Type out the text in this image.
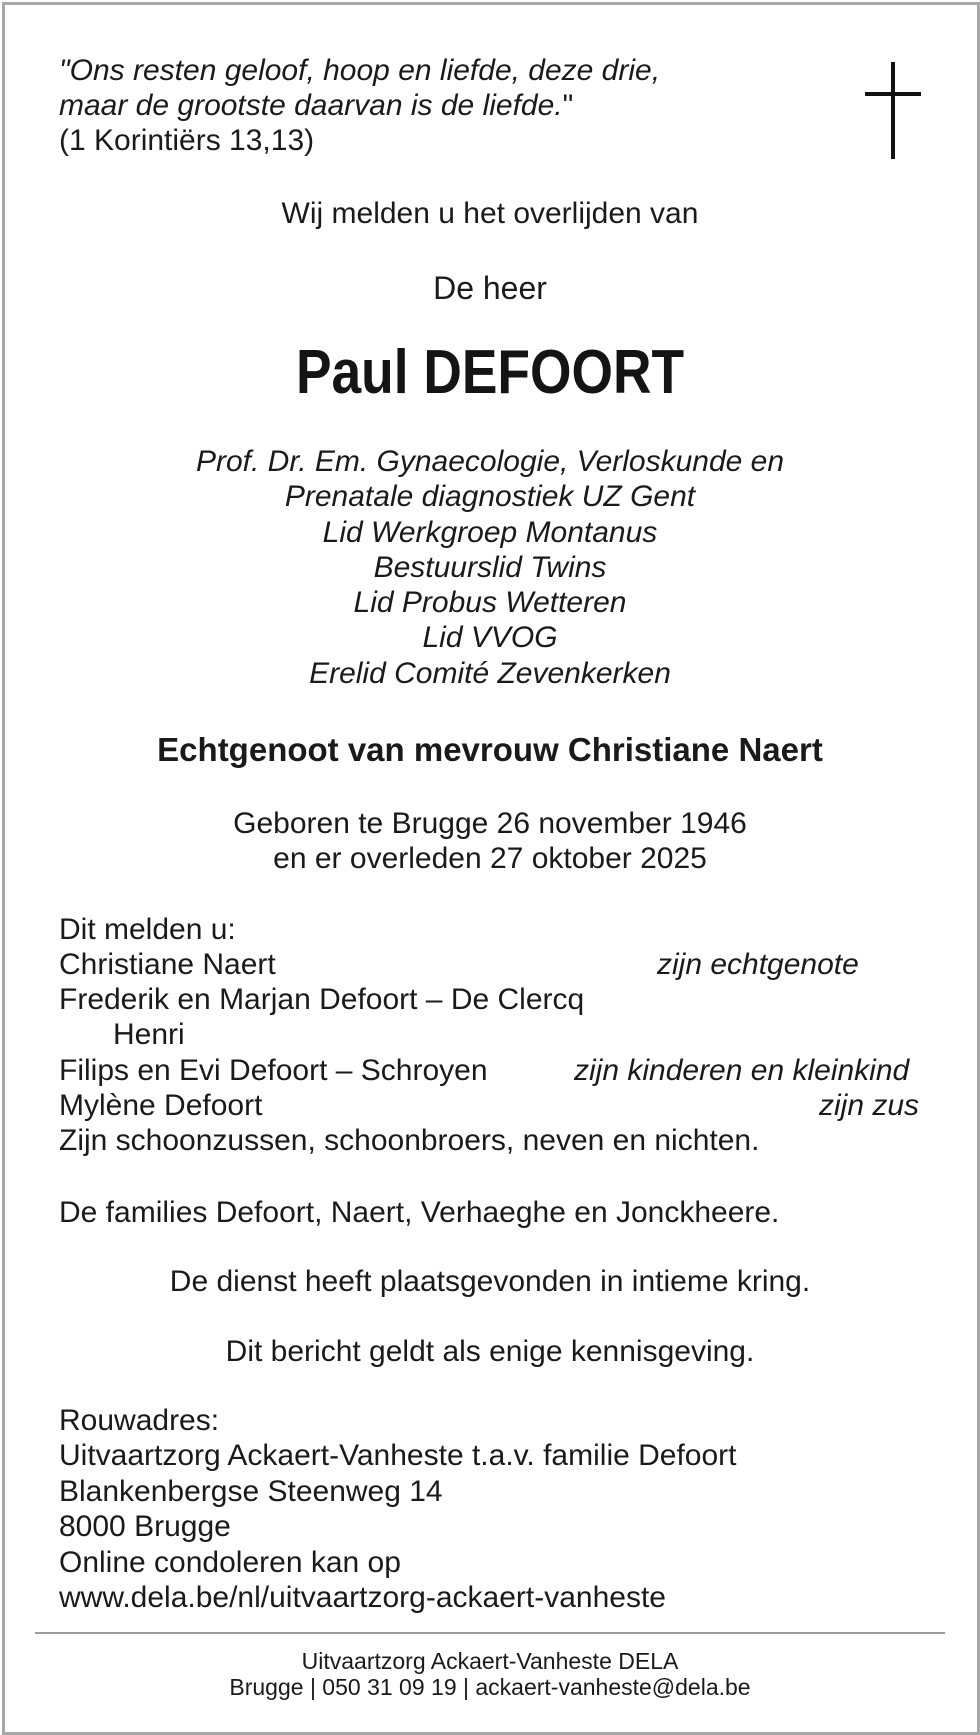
"Ons resten geloof, hoop en liefde, deze drie,
maar de grootste daarvan is de liefde."
(1 Korintiërs 13,13)
Wij melden u het overlijden van
De heer
Paul DEFOORT
Prof. Dr. Em. Gynaecologie, Verloskunde en
Prenatale diagnostiek UZ Gent
Lid Werkgroep Montanus
Bestuurslid Twins
Lid Probus Wetteren
Lid VVOG
Erelid Comité Zevenkerken
Echtgenoot van mevrouw Christiane Naert
Geboren te Brugge 26 november 1946
en er overleden 27 oktober 2025
Dit melden u:
Christiane Naert	zijn echtgenote
Frederik en Marjan Defoort – De Clercq
Henri
Filips en Evi Defoort – Schroyen	zijn kinderen en kleinkind
Mylène Defoort	zijn zus
Zijn schoonzussen, schoonbroers, neven en nichten.
De families Defoort, Naert, Verhaeghe en Jonckheere.
De dienst heeft plaatsgevonden in intieme kring.
Dit bericht geldt als enige kennisgeving.
Rouwadres:
Uitvaartzorg Ackaert-Vanheste t.a.v. familie Defoort
Blankenbergse Steenweg 14
8000 Brugge
Online condoleren kan op
www.dela.be/nl/uitvaartzorg-ackaert-vanheste
Uitvaartzorg Ackaert-Vanheste DELA
Brugge | 050 31 09 19 | ackaert-vanheste@dela.be
